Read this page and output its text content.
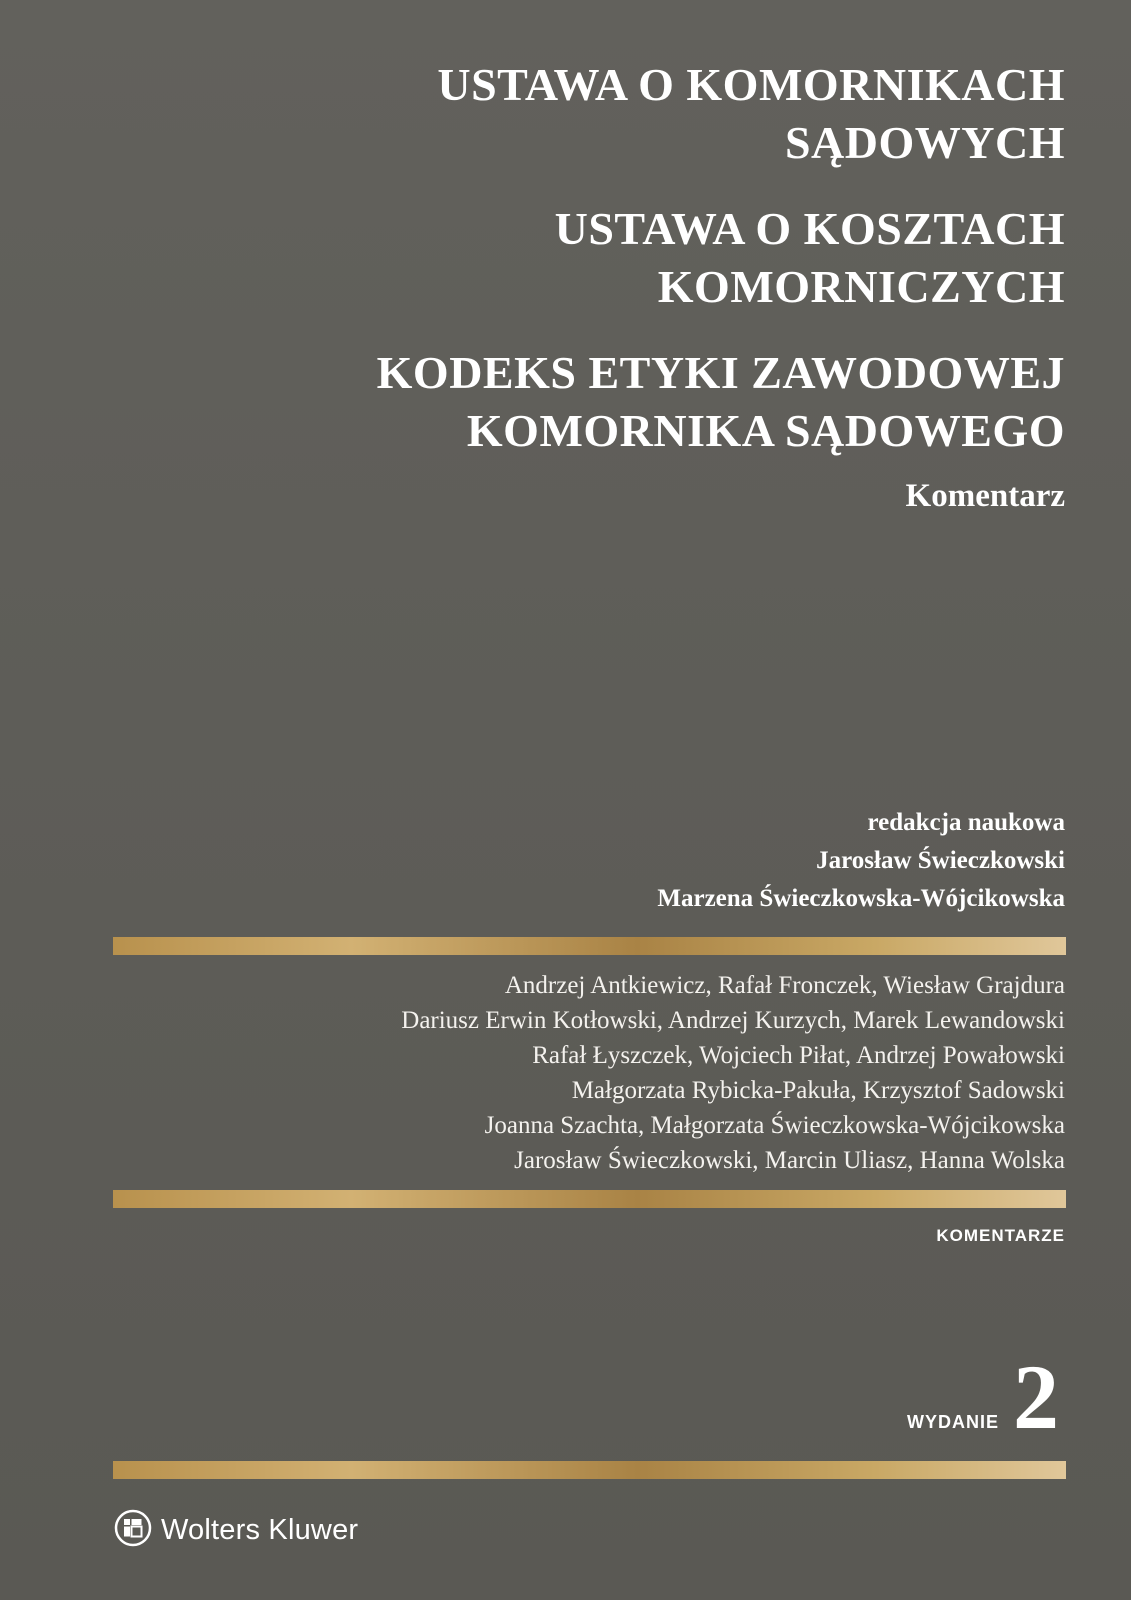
USTAWA O KOMORNIKACH
SĄDOWYCH
USTAWA O KOSZTACH
KOMORNICZYCH
KODEKS ETYKI ZAWODOWEJ
KOMORNIKA SĄDOWEGO
Komentarz
redakcja naukowa
Jarosław Świeczkowski
Marzena Świeczkowska-Wójcikowska
Andrzej Antkiewicz, Rafał Fronczek, Wiesław Grajdura
Dariusz Erwin Kotłowski, Andrzej Kurzych, Marek Lewandowski
Rafał Łyszczek, Wojciech Piłat, Andrzej Powałowski
Małgorzata Rybicka-Pakuła, Krzysztof Sadowski
Joanna Szachta, Małgorzata Świeczkowska-Wójcikowska
Jarosław Świeczkowski, Marcin Uliasz, Hanna Wolska
KOMENTARZE
WYDANIE 2
Wolters Kluwer
